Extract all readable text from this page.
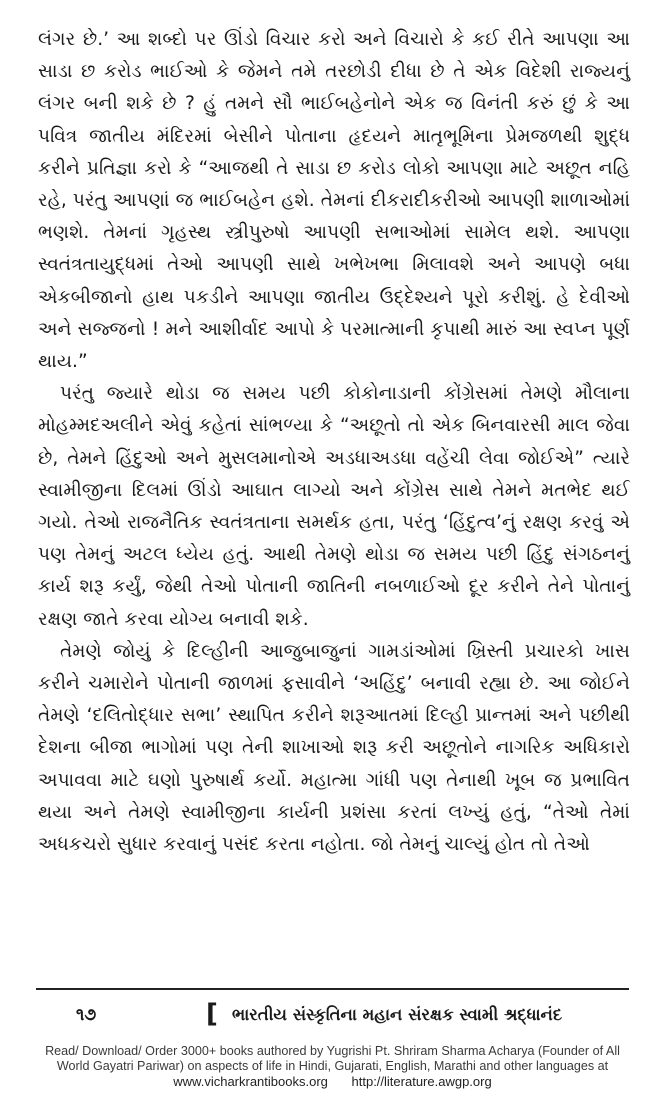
લંગર છે.’ આ શબ્દો પર ઊંડો વિચાર કરો અને વિચારો કે કઈ રીતે આપણા આ સાડા છ કરોડ ભાઈઓ કે જેમને તમે તરછોડી દીધા છે તે એક વિદેશી રાજ્યનું લંગર બની શકે છે ? હું તમને સૌ ભાઈબહેનોને એક જ વિનંતી કરું છું કે આ પવિત્ર જાતીય મંદિરમાં બેસીને પોતાના હૃદયને માતૃભૂમિના પ્રેમજળથી શુદ્ધ કરીને પ્રતિજ્ઞા કરો કે “આજથી તે સાડા છ કરોડ લોકો આપણા માટે અછૂત નહિ રહે, પરંતુ આપણાં જ ભાઈબહેન હશે. તેમનાં દીકરાદીકરીઓ આપણી શાળાઓમાં ભણશે. તેમનાં ગૃહસ્થ સ્ત્રીપુરુષો આપણી સભાઓમાં સામેલ થશે. આપણા સ્વતંત્રતાયુદ્ધમાં તેઓ આપણી સાથે ખભેખભા મિલાવશે અને આપણે બધા એકબીજાનો હાથ પકડીને આપણા જાતીય ઉદ્દેશ્યને પૂરો કરીશું. હે દેવીઓ અને સજ્જનો ! મને આશીર્વાદ આપો કે પરમાત્માની કૃપાથી મારું આ સ્વપ્ન પૂર્ણ થાય.”

પરંતુ જ્યારે થોડા જ સમય પછી કોકોનાડાની કોંગ્રેસમાં તેમણે મૌલાના મોહમ્મદઅલીને એવું કહેતાં સાંભળ્યા કે “અછૂતો તો એક બિનવારસી માલ જેવા છે, તેમને હિંદુઓ અને મુસલમાનોએ અડધાઅડધા વહેંચી લેવા જોઈએ” ત્યારે સ્વામીજીના દિલમાં ઊંડો આઘાત લાગ્યો અને કોંગ્રેસ સાથે તેમને મતભેદ થઈ ગયો. તેઓ રાજનૈતિક સ્વતંત્રતાના સમર્થક હતા, પરંતુ ‘હિંદુત્વ’નું રક્ષણ કરવું એ પણ તેમનું અટલ ધ્યેય હતું. આથી તેમણે થોડા જ સમય પછી હિંદુ સંગઠનનું કાર્ય શરૂ કર્યું, જેથી તેઓ પોતાની જાતિની નબળાઈઓ દૂર કરીને તેને પોતાનું રક્ષણ જાતે કરવા યોગ્ય બનાવી શકે.

તેમણે જોયું કે દિલ્હીની આજુબાજુનાં ગામડાંઓમાં ખ્રિસ્તી પ્રચારકો ખાસ કરીને ચમારોને પોતાની જાળમાં ફસાવીને ‘અહિંદુ’ બનાવી રહ્યા છે. આ જોઈને તેમણે ‘દલિતોદ્ધાર સભા’ સ્થાપિત કરીને શરૂઆતમાં દિલ્હી પ્રાન્તમાં અને પછીથી દેશના બીજા ભાગોમાં પણ તેની શાખાઓ શરૂ કરી અછૂતોને નાગરિક અધિકારો અપાવવા માટે ઘણો પુરુષાર્થ કર્યો. મહાત્મા ગાંધી પણ તેનાથી ખૂબ જ પ્રભાવિત થયા અને તેમણે સ્વામીજીના કાર્યની પ્રશંસા કરતાં લખ્યું હતું, “તેઓ તેમાં અધકચરો સુધાર કરવાનું પસંદ કરતા નહોતા. જો તેમનું ચાલ્યું હોત તો તેઓ

૧૭	[ ભારતીય સંસ્કૃતિના મહાન સંરક્ષક સ્વામી શ્રદ્ધાનંદ
Read/ Download/ Order 3000+ books authored by Yugrishi Pt. Shriram Sharma Acharya (Founder of All
World Gayatri Pariwar) on aspects of life in Hindi, Gujarati, English, Marathi and other languages at
www.vicharkrantibooks.org http://literature.awgp.org
